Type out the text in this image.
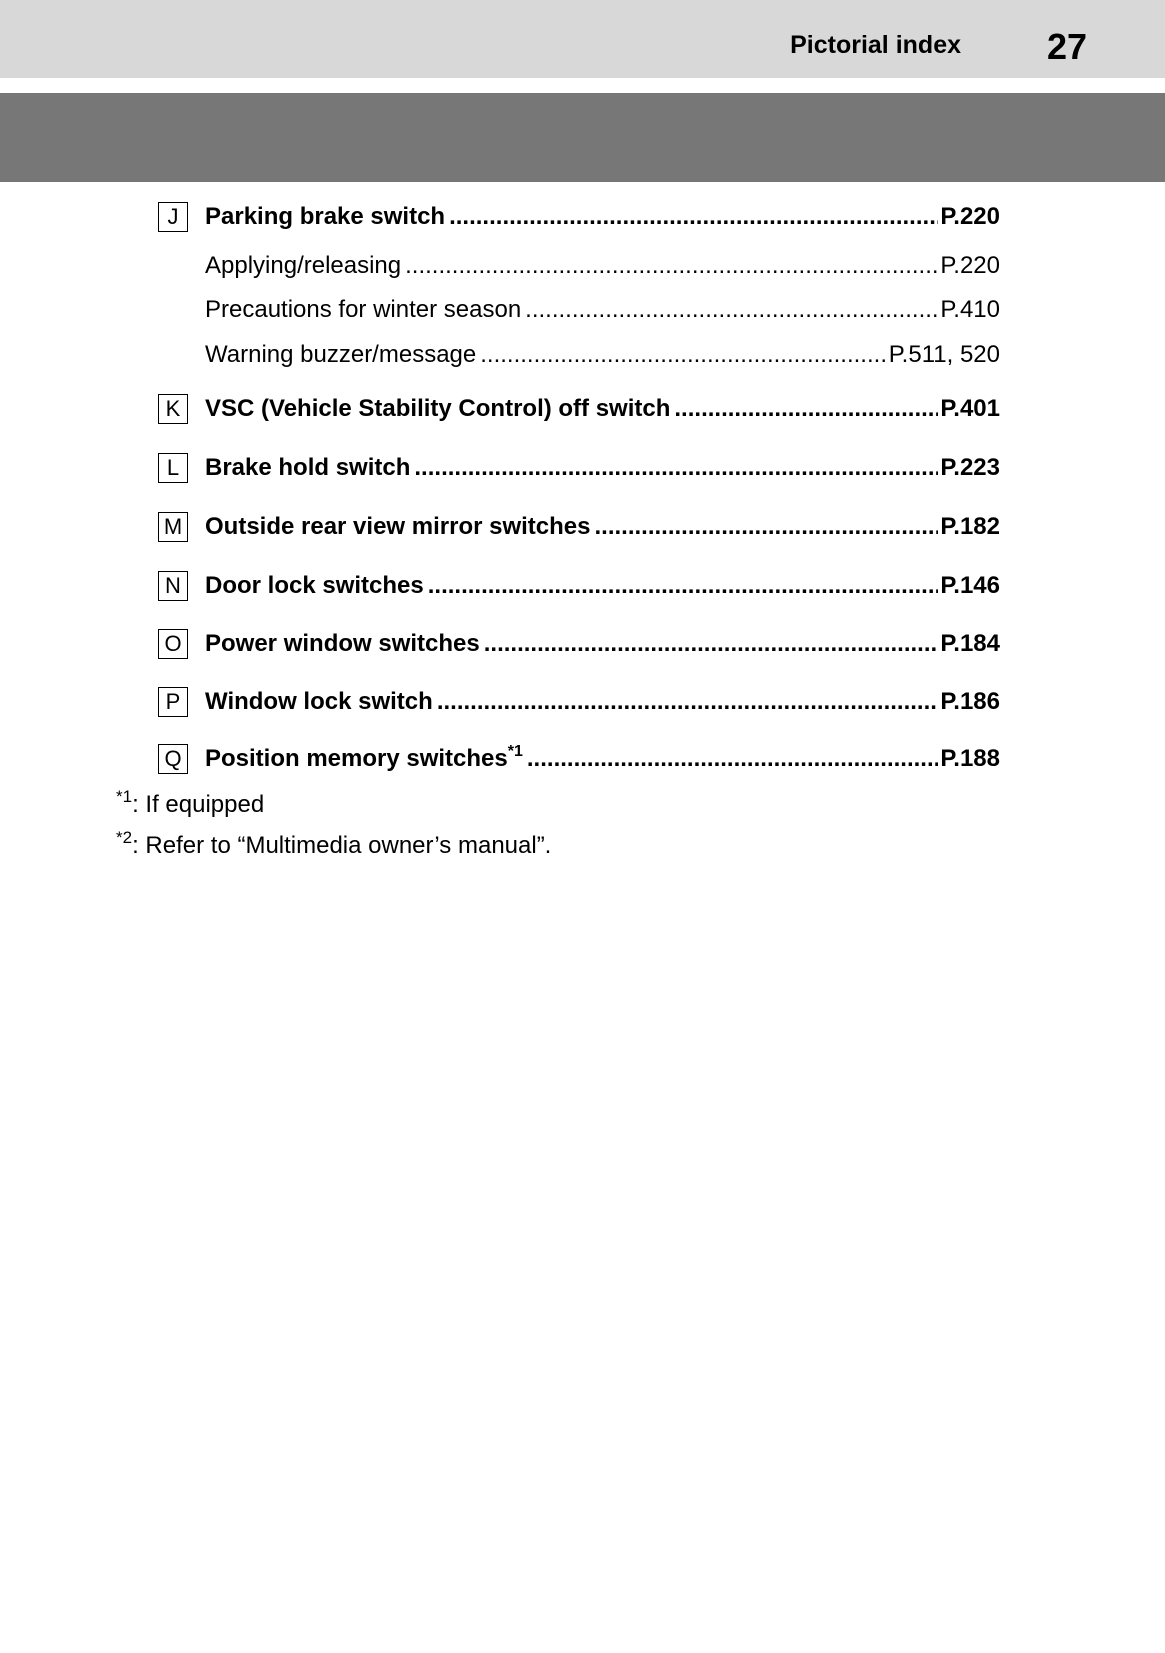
Pictorial index 27
J	Parking brake switch .....	P.220
Applying/releasing .....	P.220
Precautions for winter season .....	P.410
Warning buzzer/message .....	P.511, 520
K	VSC (Vehicle Stability Control) off switch .....	P.401
L	Brake hold switch .....	P.223
M Outside rear view mirror switches .....	P.182
N Door lock switches .....	P.146
O Power window switches .....	P.184
P	Window lock switch .....	P.186
Q Position memory switches$^{*1}$ .....	P.188
$^{*1}$: If equipped
$^{*2}$: Refer to “Multimedia owner’s manual”.
